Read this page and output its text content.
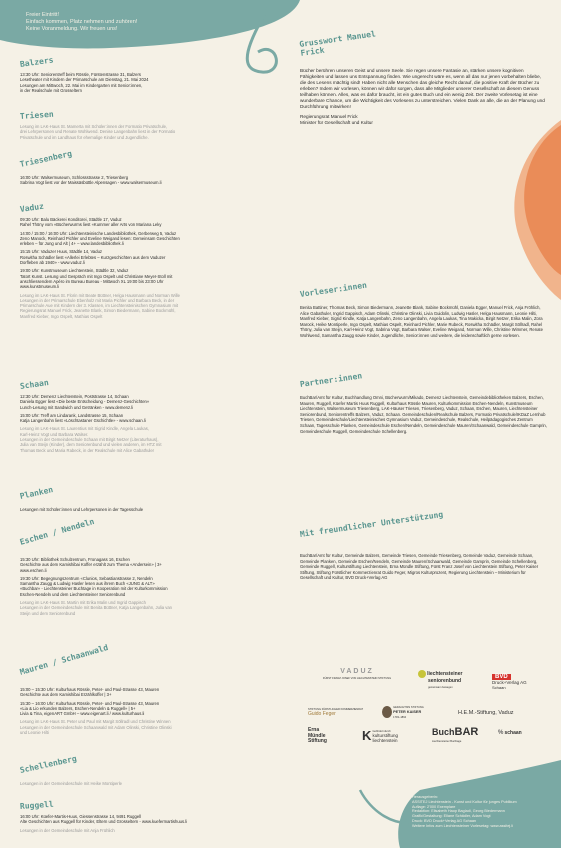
Freier Eintritt!

Einfach kommen, Platz nehmen und zuhören!

Keine Voranmeldung. Wir freuen uns!

Balzers

13:30 Uhr: Seniorentreff beim Rössle, Fürstenstrasse 31, Balzers

Lesetheater mit Kindern der Primarschule am Dienstag, 21. Mai 2024

Lesungen am Mittwoch, 22. Mai im Kindergarten mit Senior:innen,

in der Realschule mit Grosseltern

Triesen

Lesung im LAK-Haus St. Mamerta mit Schüler:innen der Formatio Privatschule,

drei Lehrpersonen und Renate Wohlwend. Denise Langenbahn liest in der Formatio

Privatschule und im Landhaus für ehemalige Kinder und Jugendliche.

Triesenberg

16:00 Uhr: Walsermuseum, Schlossstrasse 2, Triesenberg

Sabrina Vogt liest vor der Maissäsbüttle Alpensagen - www.walsermuseum.li

Vaduz

09:30 Uhr: Balu Bäckerei Konditorei, Städtle 17, Vaduz

Rahel Thöny vom «Bücherwurms liest «Kummer aller Arts von Mariana Leky

14:00 / 15:00 / 16:00 Uhr: Liechtensteinische Landesbibliothek, Gerberweg 5, Vaduz

Zeno Manock, Reinhard Pichler und Eveline Weigand lesen: Gemeinsam Geschichten

erleben – für Jung und Alt | 4+ – www.landesbibliothek.li

15:15 Uhr: Vaduzer Huus, Städtle 14, Vaduz

Roswitha Schädler liest «Allerlei Erlebtes – Kurzgeschichten aus dem Vaduzer

Dorfleben ab 1940» - www.vaduz.li

19:00 Uhr: Kunstmuseum Liechtenstein, Städtle 32, Vaduz

Tatort Kunst. Lesung und Gespräch mit Ingo Ospelt und Christiane Meyer-Stoll mit

anschliessendem Apéro im Bureau Bureau - Mittwoch XL 19:00 bis 23:00 Uhr

www.kunstmuseum.li

Lesung im LAK-Haus St. Florin mit Beate Büttner, Helga Hausmann und Norman Wille

Lesungen in der Primarschule Ebenholz mit Maria Pichler und Barbara Beck, in der

Primarschule Aue mit Kindern der 3. Klassen, im Liechtensteinischen Gymnasium mit

Regierungsrat Manuel Frick, Jeanette Blank, Simon Biedermann, Sabine Bockmühl,

Manfred Kieber, Ingo Ospelt, Mathias Ospelt

Schaan

12:30 Uhr: Demenz Liechtenstein, Poststrasse 14, Schaan

Daniela Egger liest «Die beste Entscheidung - Demenz-Geschichten»

Lunch-Lesung mit Sandwich und Getränken - www.demenz.li

15:00 Uhr: Treff am Lindarank, Landstrasse 15, Schaan

Katja Langenbahn liest «Löschtastaner Gschichtle» - www.schaan.li

Lesung im LAK-Haus St. Laurentius mit Sigrid Kindle, Angela Laukas,

Karl-Heinz Vogt und Barbara Walser.

Lesungen in der Gemeindeschule Schaan mit Birgit Netzer (Literaturhaus),

Julia van Steijn (Kinder), dem Seniorenbund und vielen anderen, im HTZ mit

Thomas Beck und Maria Rabeck, in der Realschule mit Alice Gabathuler

Planken

Lesungen mit Schüler:innen und Lehrpersonen in der Tagesschule

Eschen / Nendeln

15:30 Uhr: Bibliothek Schulzentrum, Fronagass 16, Eschen

Geschichte aus dem Kamishibai Koffer erzählt zum Thema «Andersein» | 3+

www.eschen.li

19:30 Uhr: Begegnungszentrum «Clunios, Sebastianstrasse 2, Nendeln

Samantha Zaugg & Ludwig Hasler lesen aus ihrem Buch «JUNG & ALT»

«Buchbar» - Liechtensteiner Buchtage in Kooperation mit der Kulturkommission

Eschen-Nendeln und dem Liechtensteiner Seniorenbund

Lesung im LAK-Haus St. Martin mit Erika Malin und Ingrid Gappisch

Lesungen in der Gemeindeschule mit Benita Büttner, Katja Langenbahn, Julia van

Steijn und dem Seniorenbund

Mauren / Schaanwald

15:00 – 15:30 Uhr: Kulturhaus Rössle, Peter- und Paul-Strasse 43, Mauren

Geschichte aus dem Kamishibai Erzählkoffer | 3+

15:30 – 16:00 Uhr: Kulturhaus Rössle, Peter- und Paul-Strasse 43, Mauren

«Lia & Lio erkunden Balzers, Eschen-Nendeln & Ruggell» | 5+

Livia & Tina, eigenART GmbH – www.eigenart.li / www.kulturhaus.li

Lesung im LAK-Haus St. Peter und Paul mit Margit Söllradl und Christine Winnen

Lesungen in der Gemeindeschule Schaanwald mit Adam Olinski, Christine Olinski

und Leonie Hilti

Schellenberg

Lesungen in der Gemeindeschule mit Heike Montiperle

Ruggell

16:00 Uhr: Küefer-Martis-Huus, Giessenstrasse 14, 9491 Ruggell

Alte Geschichten aus Ruggell für Kinder, Eltern und Grosseltern - www.kuefermartishuus.li

Lesungen in der Gemeindeschule mit Anja Frühlich

Grusswort Manuel Frick

Bücher berühren unseren Geist und unsere Seele. Sie regen unsere Fantasie an, stärken unsere kognitiven Fähigkeiten und lassen uns Entspannung finden. Wie ungerecht wäre es, wenn all das nur jenen vorbehalten bliebe, die des Lesens mächtig sind! Haben nicht alle Menschen das gleiche Recht darauf, die positive Kraft der Bücher zu erleben? Indem wir vorlesen, können wir dafür sorgen, dass alle Mitglieder unserer Gesellschaft an diesem Genuss teilhaben können. Alles, was es dafür braucht, ist ein gutes Buch und ein wenig Zeit. Der zweite Vorlesetag ist eine wunderbare Chance, um die Wichtigkeit des Vorlesens zu unterstreichen. Vielen Dank an alle, die an der Planung und Durchführung mitwirken!

Regierungsrat Manuel Frick
Minister für Gesellschaft und Kultur

Vorleser:innen

Benita Battiner, Thomas Beck, Simon Biedermann, Jeanette Blank, Sabine Bockmühl, Daniela Egger, Manuel Frick, Anja Fröhlich, Alice Gabathuler, Ingrid Gappisch, Adam Olinski, Christine Olinski, Livia Guidolin, Ludwig Hasler, Helga Hausmann, Leonie Hilti, Manfred Kieber, Sigrid Kindle, Katja Langenbahn, Zeno Langenbahn, Angela Laukas, Tina Makicka, Birgit Netzer, Erika Malin, Zora Marock, Heike Montiperle, Ingo Ospelt, Mathias Ospelt, Reinhard Pichler, Marie Rubeck, Roswitha Schädler, Margit Söllradl, Rahel Thöny, Julia van Steijn, Karl-Heinz Vogt, Sabrina Vogt, Barbara Walser, Eveline Weigand, Norman Wille, Christine Wimmer, Renate Wohlwend, Samantha Zaugg sowie Kinder, Jugendliche, Senior:innen und weitere, die leidenschaftlich gerne vorlesen.

Partner:innen

BuchBar/Amt für Kultur, Buchhandlung Omni, Bücherwurm/Mikado, Demenz Liechtenstein, Gemeindebibliotheken Balzers, Eschen, Mauren, Ruggell, Küefer Martis Huus Ruggell, Kulturhaus Rössle Mauren, Kulturkommission Eschen-Nendeln, Kunstmuseum Liechtenstein, Walsermuseum Triesenberg, LAK-Häuser Triesen, Triesenberg, Vaduz, Schaan, Eschen, Mauren, Liechtensteiner Seniorenbund, Seniorentreffs Balzers, Vaduz, Schaan. Gemeindeschulen/Realschule Balzers, Formatio Privatschule/IKDaZ Lernhub Triesen, Gemeindeschule/Liechtensteinisches Gymnasium Vaduz, Gemeindeschule, Realschule, Heilpädagogisches Zentrum Schaan, Tagesschule Planken, Gemeindeschule Eschen/Nendeln, Gemeindeschule Mauren/Schaanwald, Gemeindeschule Gamprin, Gemeindeschule Ruggell, Gemeindeschule Schellenberg.

Mit freundlicher Unterstützung

BuchBar/Amt für Kultur, Gemeinde Balzers, Gemeinde Triesen, Gemeinde Triesenberg, Gemeinde Vaduz, Gemeinde Schaan, Gemeinde Planken, Gemeinde Eschen/Nendeln, Gemeinde Mauren/Schaanwald, Gemeinde Gamprin, Gemeinde Schellenberg, Gemeinde Ruggell, Kulturstiftung Liechtenstein, Erna Mündle Stiftung, Fürst Franz Josef von Liechtenstein Stiftung, Peter Kaiser Stiftung, Stiftung Fürstlicher Kommerzienrat Guido Feger, Migros Kulturprozent, Regierung Liechtenstein – Ministerium für Gesellschaft und Kultur, BVD Druck+Verlag AG

VADUZ
FÜRST FRANZ JOSEF VON LIECHTENSTEIN STIFTUNG
liechtensteiner
seniorenbund
gemeinsam bewegen
BVD
Druck+Verlag AG
Schaan
STIFTUNG FÜRSTLICHER KOMMERZIENRAT
Guido Feger
GEDACHTNIS STIFTUNG
PETER KAISER
1793–1864
H.E.M.-Stiftung, Vaduz
Erna
Mündle
Stiftung	K Gefördert durch
kulturstiftung
liechtenstein
BuchBAR
Liechtensteiner Buchtage
% schaan

Herausgeberin:

ASSITEJ Liechtenstein - Kunst und Kultur für junges Publikum

Auflage: 2'000 Exemplare

Redaktion: Elisabeth Haop Bagladi, Georg Biedermann

Grafik/Gestaltung: Eliane Schädler, Adam Vogt

Druck: BVD Druck+Verlag AG Schaan

Weitere Infos zum Liechtensteiner Vorlesetag: www.assitej.li
